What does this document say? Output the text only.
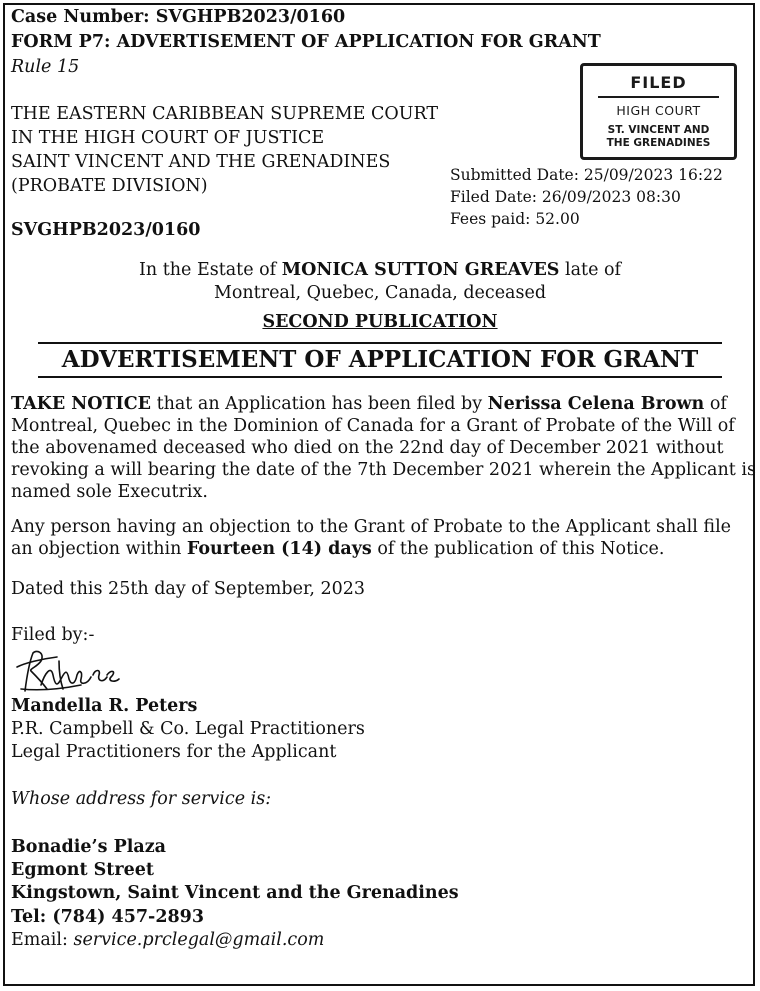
Case Number: SVGHPB2023/0160
FORM P7: ADVERTISEMENT OF APPLICATION FOR GRANT
Rule 15
THE EASTERN CARIBBEAN SUPREME COURT
IN THE HIGH COURT OF JUSTICE
SAINT VINCENT AND THE GRENADINES
(PROBATE DIVISION)
SVGHPB2023/0160
FILED
HIGH COURT
ST. VINCENT AND
THE GRENADINES
Submitted Date: 25/09/2023 16:22
Filed Date: 26/09/2023 08:30
Fees paid: 52.00
In the Estate of MONICA SUTTON GREAVES late of
Montreal, Quebec, Canada, deceased
SECOND PUBLICATION
ADVERTISEMENT OF APPLICATION FOR GRANT
TAKE NOTICE that an Application has been filed by Nerissa Celena Brown of
Montreal, Quebec in the Dominion of Canada for a Grant of Probate of the Will of
the abovenamed deceased who died on the 22nd day of December 2021 without
revoking a will bearing the date of the 7th December 2021 wherein the Applicant is
named sole Executrix.
Any person having an objection to the Grant of Probate to the Applicant shall file
an objection within Fourteen (14) days of the publication of this Notice.
Dated this 25th day of September, 2023
Filed by:-
Mandella R. Peters
P.R. Campbell & Co. Legal Practitioners
Legal Practitioners for the Applicant
Whose address for service is:
Bonadie’s Plaza
Egmont Street
Kingstown, Saint Vincent and the Grenadines
Tel: (784) 457-2893
Email: service.prclegal@gmail.com
